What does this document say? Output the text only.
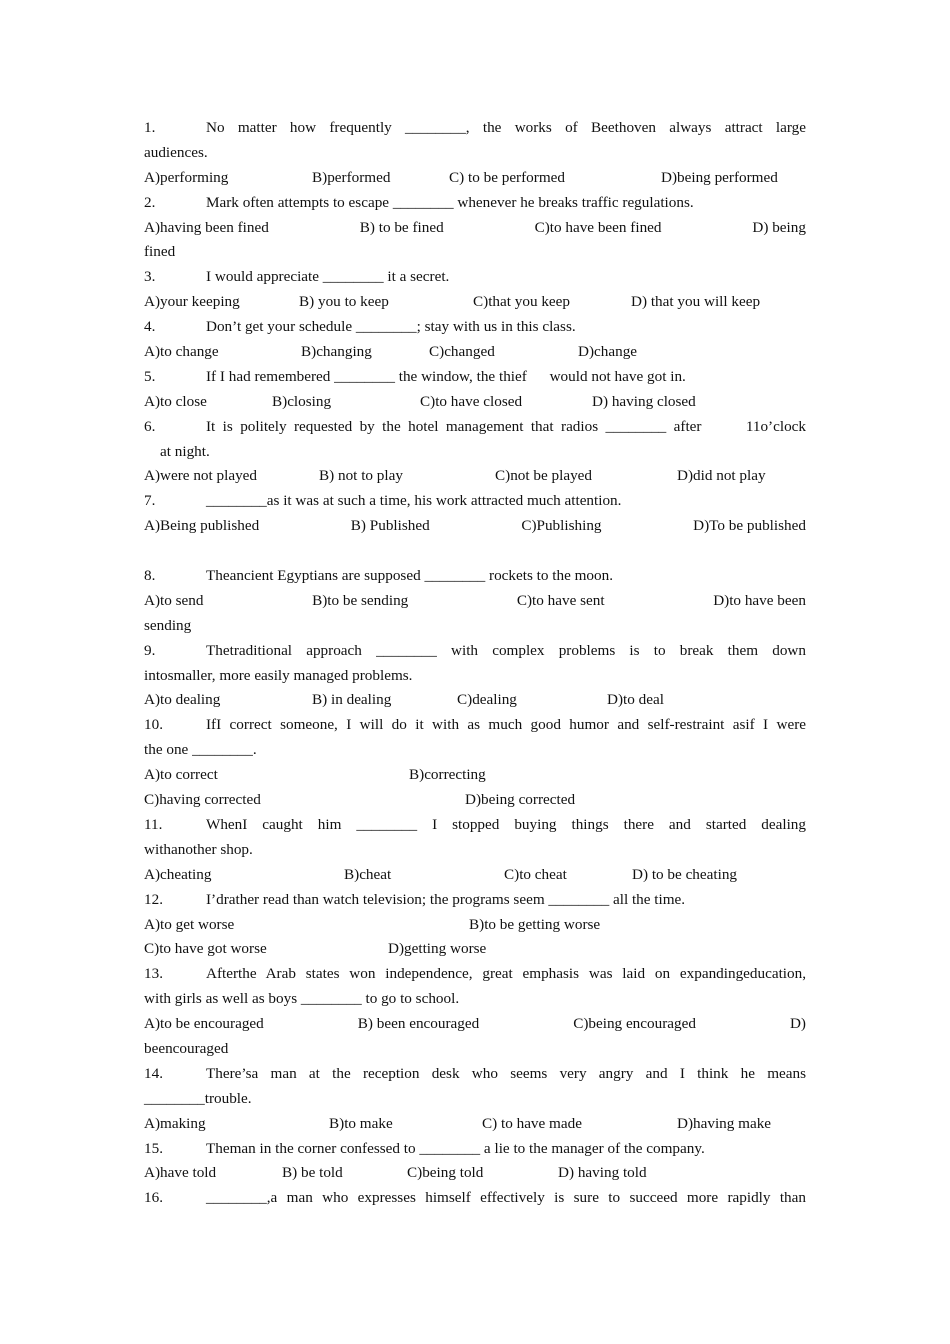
1.	No matter how frequently ________, the works of Beethoven always attract large
audiences.
A)performing	B)performed	C) to be performed	D)being performed
2.	Mark often attempts to escape ________ whenever he breaks traffic regulations.
A)having been fined	B) to be fined	C)to have been fined	D) being
fined
3.	I would appreciate ________ it a secret.
A)your keeping	B) you to keep	C)that you keep	D) that you will keep
4.	Don’t get your schedule ________; stay with us in this class.
A)to change	B)changing	C)changed	D)change
5.	If I had remembered ________ the window, the thief      would not have got in.
A)to close	B)closing	C)to have closed	D) having closed
6.	It is politely requested by the hotel management that radios ________ after      11o’clock
at night.
A)were not played	B) not to play	C)not be played	D)did not play
7.	________as it was at such a time, his work attracted much attention.
A)Being published	B) Published	C)Publishing	D)To be published
8.	Theancient Egyptians are supposed ________ rockets to the moon.
A)to send	B)to be sending	C)to have sent	D)to have been
sending
9.	Thetraditional approach ________ with complex problems is to break them down
intosmaller, more easily managed problems.
A)to dealing	B) in dealing	C)dealing	D)to deal
10.	IfI correct someone, I will do it with as much good humor and self-restraint asif I were
the one ________.
A)to correct	B)correcting
C)having corrected	D)being corrected
11.	WhenI caught him ________ I stopped buying things there and started dealing
withanother shop.
A)cheating	B)cheat	C)to cheat	D) to be cheating
12.	I’drather read than watch television; the programs seem ________ all the time.
A)to get worse	B)to be getting worse
C)to have got worse	D)getting worse
13.	Afterthe Arab states won independence, great emphasis was laid on expandingeducation,
with girls as well as boys ________ to go to school.
A)to be encouraged	B) been encouraged	C)being encouraged	D)
beencouraged
14.	There’sa man at the reception desk who seems very angry and I think he means
________trouble.
A)making	B)to make	C) to have made	D)having make
15.	Theman in the corner confessed to ________ a lie to the manager of the company.
A)have told	B) be told	C)being told	D) having told
16.	________,a man who expresses himself effectively is sure to succeed more rapidly than
